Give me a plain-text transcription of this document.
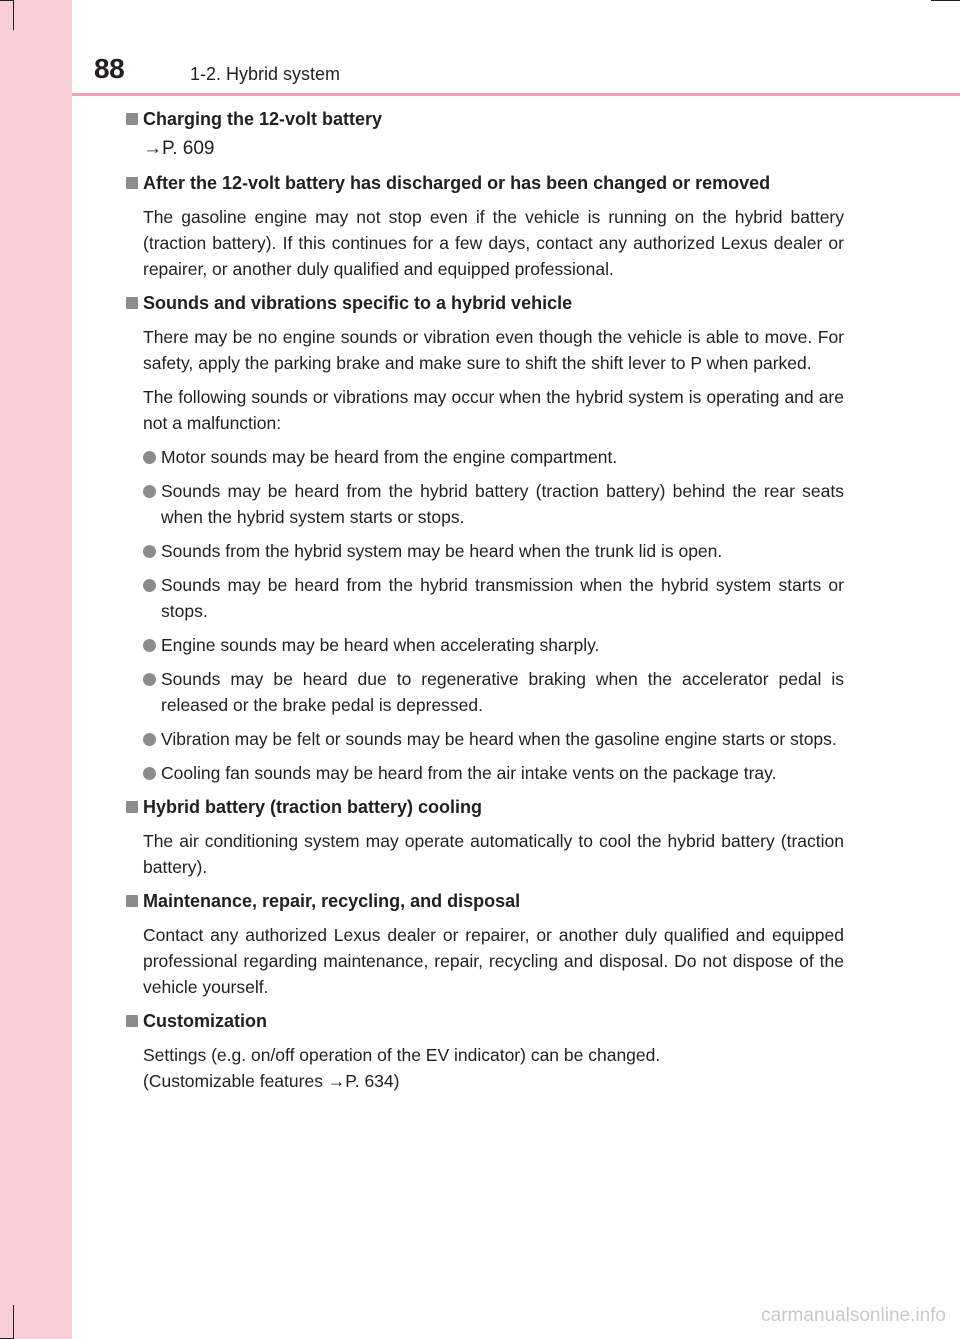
88	1-2. Hybrid system

Charging the 12-volt battery

→P. 609

After the 12-volt battery has discharged or has been changed or removed

The gasoline engine may not stop even if the vehicle is running on the hybrid battery (traction battery). If this continues for a few days, contact any authorized Lexus dealer or repairer, or another duly qualified and equipped professional.

Sounds and vibrations specific to a hybrid vehicle

There may be no engine sounds or vibration even though the vehicle is able to move. For safety, apply the parking brake and make sure to shift the shift lever to P when parked.

The following sounds or vibrations may occur when the hybrid system is operating and are not a malfunction:

Motor sounds may be heard from the engine compartment.

Sounds may be heard from the hybrid battery (traction battery) behind the rear seats when the hybrid system starts or stops.

Sounds from the hybrid system may be heard when the trunk lid is open.

Sounds may be heard from the hybrid transmission when the hybrid system starts or stops.

Engine sounds may be heard when accelerating sharply.

Sounds may be heard due to regenerative braking when the accelerator pedal is released or the brake pedal is depressed.

Vibration may be felt or sounds may be heard when the gasoline engine starts or stops.

Cooling fan sounds may be heard from the air intake vents on the package tray.

Hybrid battery (traction battery) cooling

The air conditioning system may operate automatically to cool the hybrid battery (traction battery).

Maintenance, repair, recycling, and disposal

Contact any authorized Lexus dealer or repairer, or another duly qualified and equipped professional regarding maintenance, repair, recycling and disposal. Do not dispose of the vehicle yourself.

Customization

Settings (e.g. on/off operation of the EV indicator) can be changed.

(Customizable features →P. 634)

carmanualsonline.info
